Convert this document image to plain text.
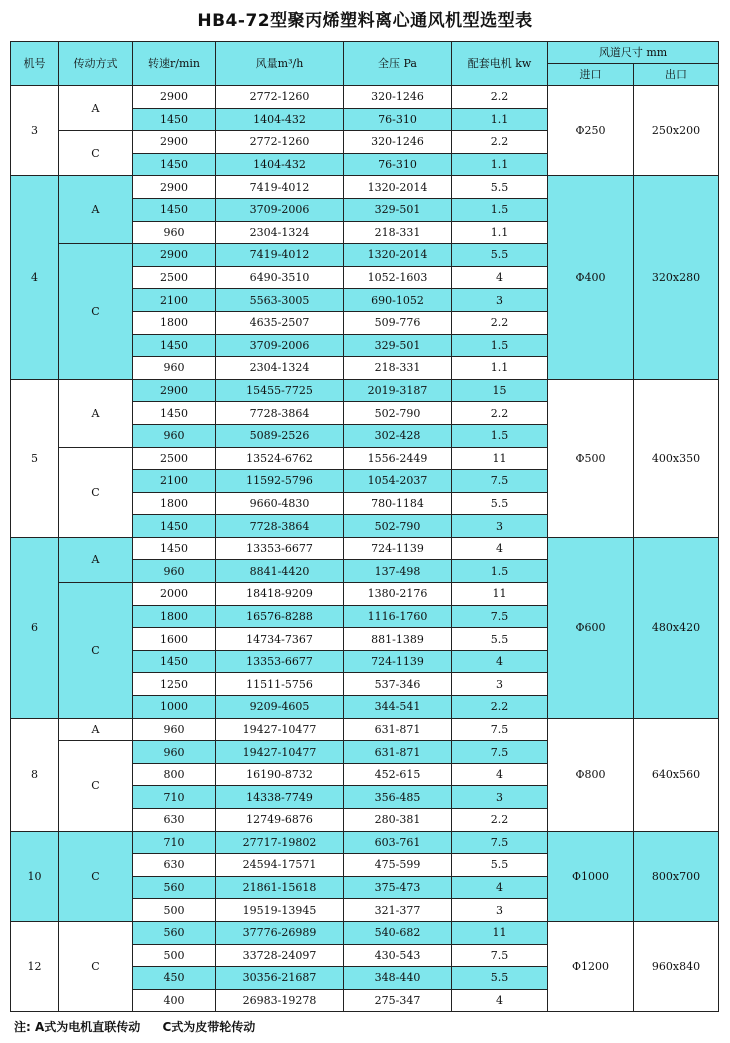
HB4-72型聚丙烯塑料离心通风机型选型表
机号	传动方式	转速r/min	风量m³/h	全压 Pa	配套电机 kw	风道尺寸 mm	
						进口	出口
3	A	2900	2772-1260	320-1246	2.2	Φ250	250x200
		1450	1404-432	76-310	1.1		
	C	2900	2772-1260	320-1246	2.2		
		1450	1404-432	76-310	1.1		
4	A	2900	7419-4012	1320-2014	5.5	Φ400	320x280
		1450	3709-2006	329-501	1.5		
		960	2304-1324	218-331	1.1		
	C	2900	7419-4012	1320-2014	5.5		
		2500	6490-3510	1052-1603	4		
		2100	5563-3005	690-1052	3		
		1800	4635-2507	509-776	2.2		
		1450	3709-2006	329-501	1.5		
		960	2304-1324	218-331	1.1		
5	A	2900	15455-7725	2019-3187	15	Φ500	400x350
		1450	7728-3864	502-790	2.2		
		960	5089-2526	302-428	1.5		
	C	2500	13524-6762	1556-2449	11		
		2100	11592-5796	1054-2037	7.5		
		1800	9660-4830	780-1184	5.5		
		1450	7728-3864	502-790	3		
6	A	1450	13353-6677	724-1139	4	Φ600	480x420
		960	8841-4420	137-498	1.5		
	C	2000	18418-9209	1380-2176	11		
		1800	16576-8288	1116-1760	7.5		
		1600	14734-7367	881-1389	5.5		
		1450	13353-6677	724-1139	4		
		1250	11511-5756	537-346	3		
		1000	9209-4605	344-541	2.2		
8	A	960	19427-10477	631-871	7.5	Φ800	640x560
	C	960	19427-10477	631-871	7.5		
		800	16190-8732	452-615	4		
		710	14338-7749	356-485	3		
		630	12749-6876	280-381	2.2		
10	C	710	27717-19802	603-761	7.5	Φ1000	800x700
		630	24594-17571	475-599	5.5		
		560	21861-15618	375-473	4		
		500	19519-13945	321-377	3		
12	C	560	37776-26989	540-682	11	Φ1200	960x840
		500	33728-24097	430-543	7.5		
		450	30356-21687	348-440	5.5		
		400	26983-19278	275-347	4		
注: A式为电机直联传动 C式为皮带轮传动
